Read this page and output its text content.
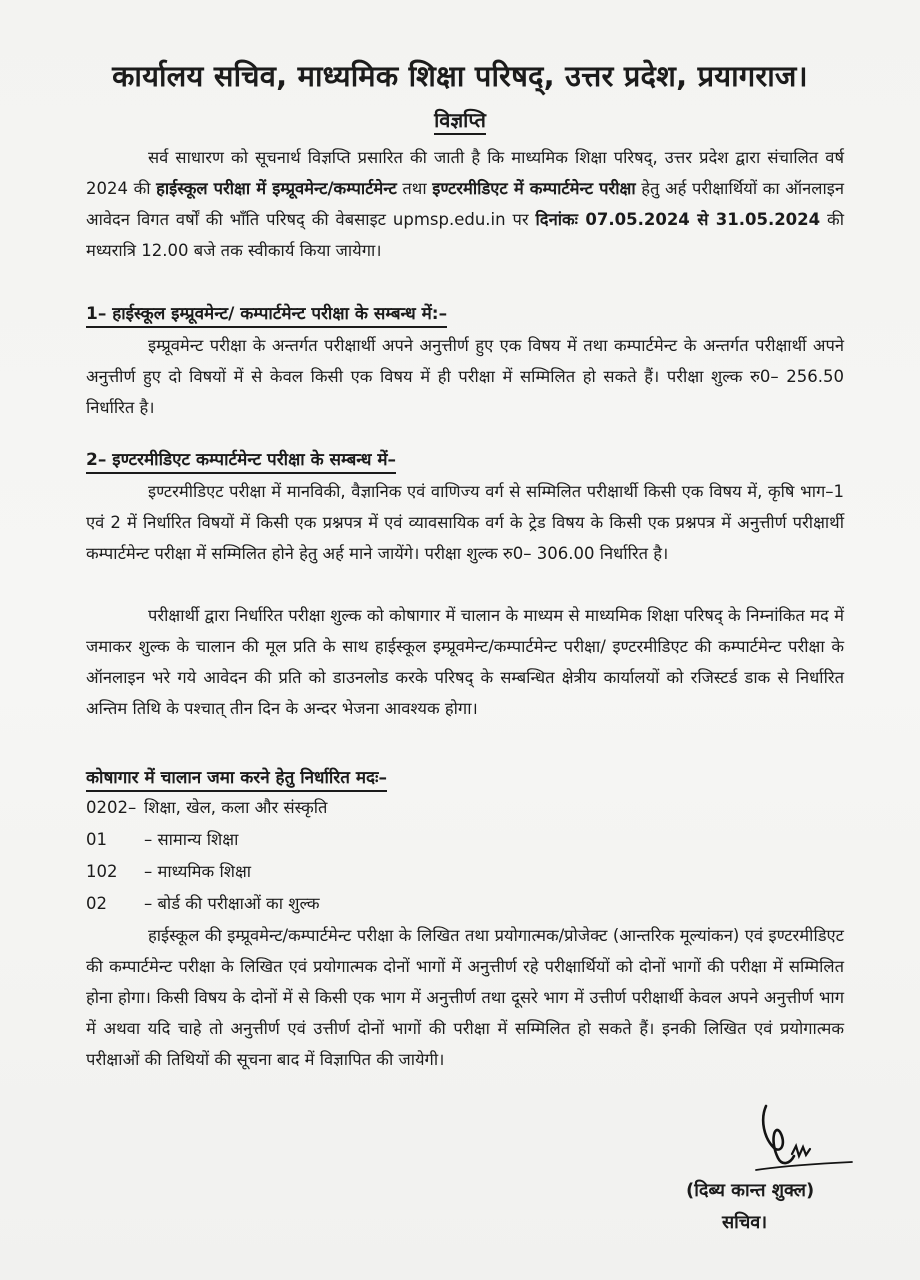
कार्यालय सचिव, माध्यमिक शिक्षा परिषद्, उत्तर प्रदेश, प्रयागराज।
विज्ञप्ति
सर्व साधारण को सूचनार्थ विज्ञप्ति प्रसारित की जाती है कि माध्यमिक शिक्षा परिषद्, उत्तर प्रदेश द्वारा संचालित वर्ष 2024 की हाईस्कूल परीक्षा में इम्प्रूवमेन्ट/कम्पार्टमेन्ट तथा इण्टरमीडिएट में कम्पार्टमेन्ट परीक्षा हेतु अर्ह परीक्षार्थियों का ऑनलाइन आवेदन विगत वर्षों की भाँति परिषद् की वेबसाइट upmsp.edu.in पर दिनांकः 07.05.2024 से 31.05.2024 की मध्यरात्रि 12.00 बजे तक स्वीकार्य किया जायेगा।
1– हाईस्कूल इम्प्रूवमेन्ट/ कम्पार्टमेन्ट परीक्षा के सम्बन्ध में:–
इम्प्रूवमेन्ट परीक्षा के अन्तर्गत परीक्षार्थी अपने अनुत्तीर्ण हुए एक विषय में तथा कम्पार्टमेन्ट के अन्तर्गत परीक्षार्थी अपने अनुत्तीर्ण हुए दो विषयों में से केवल किसी एक विषय में ही परीक्षा में सम्मिलित हो सकते हैं। परीक्षा शुल्क रु0– 256.50 निर्धारित है।
2– इण्टरमीडिएट कम्पार्टमेन्ट परीक्षा के सम्बन्ध में–
इण्टरमीडिएट परीक्षा में मानविकी, वैज्ञानिक एवं वाणिज्य वर्ग से सम्मिलित परीक्षार्थी किसी एक विषय में, कृषि भाग–1 एवं 2 में निर्धारित विषयों में किसी एक प्रश्नपत्र में एवं व्यावसायिक वर्ग के ट्रेड विषय के किसी एक प्रश्नपत्र में अनुत्तीर्ण परीक्षार्थी कम्पार्टमेन्ट परीक्षा में सम्मिलित होने हेतु अर्ह माने जायेंगे। परीक्षा शुल्क रु0– 306.00 निर्धारित है।
परीक्षार्थी द्वारा निर्धारित परीक्षा शुल्क को कोषागार में चालान के माध्यम से माध्यमिक शिक्षा परिषद् के निम्नांकित मद में जमाकर शुल्क के चालान की मूल प्रति के साथ हाईस्कूल इम्प्रूवमेन्ट/कम्पार्टमेन्ट परीक्षा/ इण्टरमीडिएट की कम्पार्टमेन्ट परीक्षा के ऑनलाइन भरे गये आवेदन की प्रति को डाउनलोड करके परिषद् के सम्बन्धित क्षेत्रीय कार्यालयों को रजिस्टर्ड डाक से निर्धारित अन्तिम तिथि के पश्चात् तीन दिन के अन्दर भेजना आवश्यक होगा।
कोषागार में चालान जमा करने हेतु निर्धारित मदः–
0202– शिक्षा, खेल, कला और संस्कृति
01	– सामान्य शिक्षा
102	– माध्यमिक शिक्षा
02	– बोर्ड की परीक्षाओं का शुल्क
हाईस्कूल की इम्प्रूवमेन्ट/कम्पार्टमेन्ट परीक्षा के लिखित तथा प्रयोगात्मक/प्रोजेक्ट (आन्तरिक मूल्यांकन) एवं इण्टरमीडिएट की कम्पार्टमेन्ट परीक्षा के लिखित एवं प्रयोगात्मक दोनों भागों में अनुत्तीर्ण रहे परीक्षार्थियों को दोनों भागों की परीक्षा में सम्मिलित होना होगा। किसी विषय के दोनों में से किसी एक भाग में अनुत्तीर्ण तथा दूसरे भाग में उत्तीर्ण परीक्षार्थी केवल अपने अनुत्तीर्ण भाग में अथवा यदि चाहे तो अनुत्तीर्ण एवं उत्तीर्ण दोनों भागों की परीक्षा में सम्मिलित हो सकते हैं। इनकी लिखित एवं प्रयोगात्मक परीक्षाओं की तिथियों की सूचना बाद में विज्ञापित की जायेगी।
(दिब्य कान्त शुक्ल)
सचिव।
